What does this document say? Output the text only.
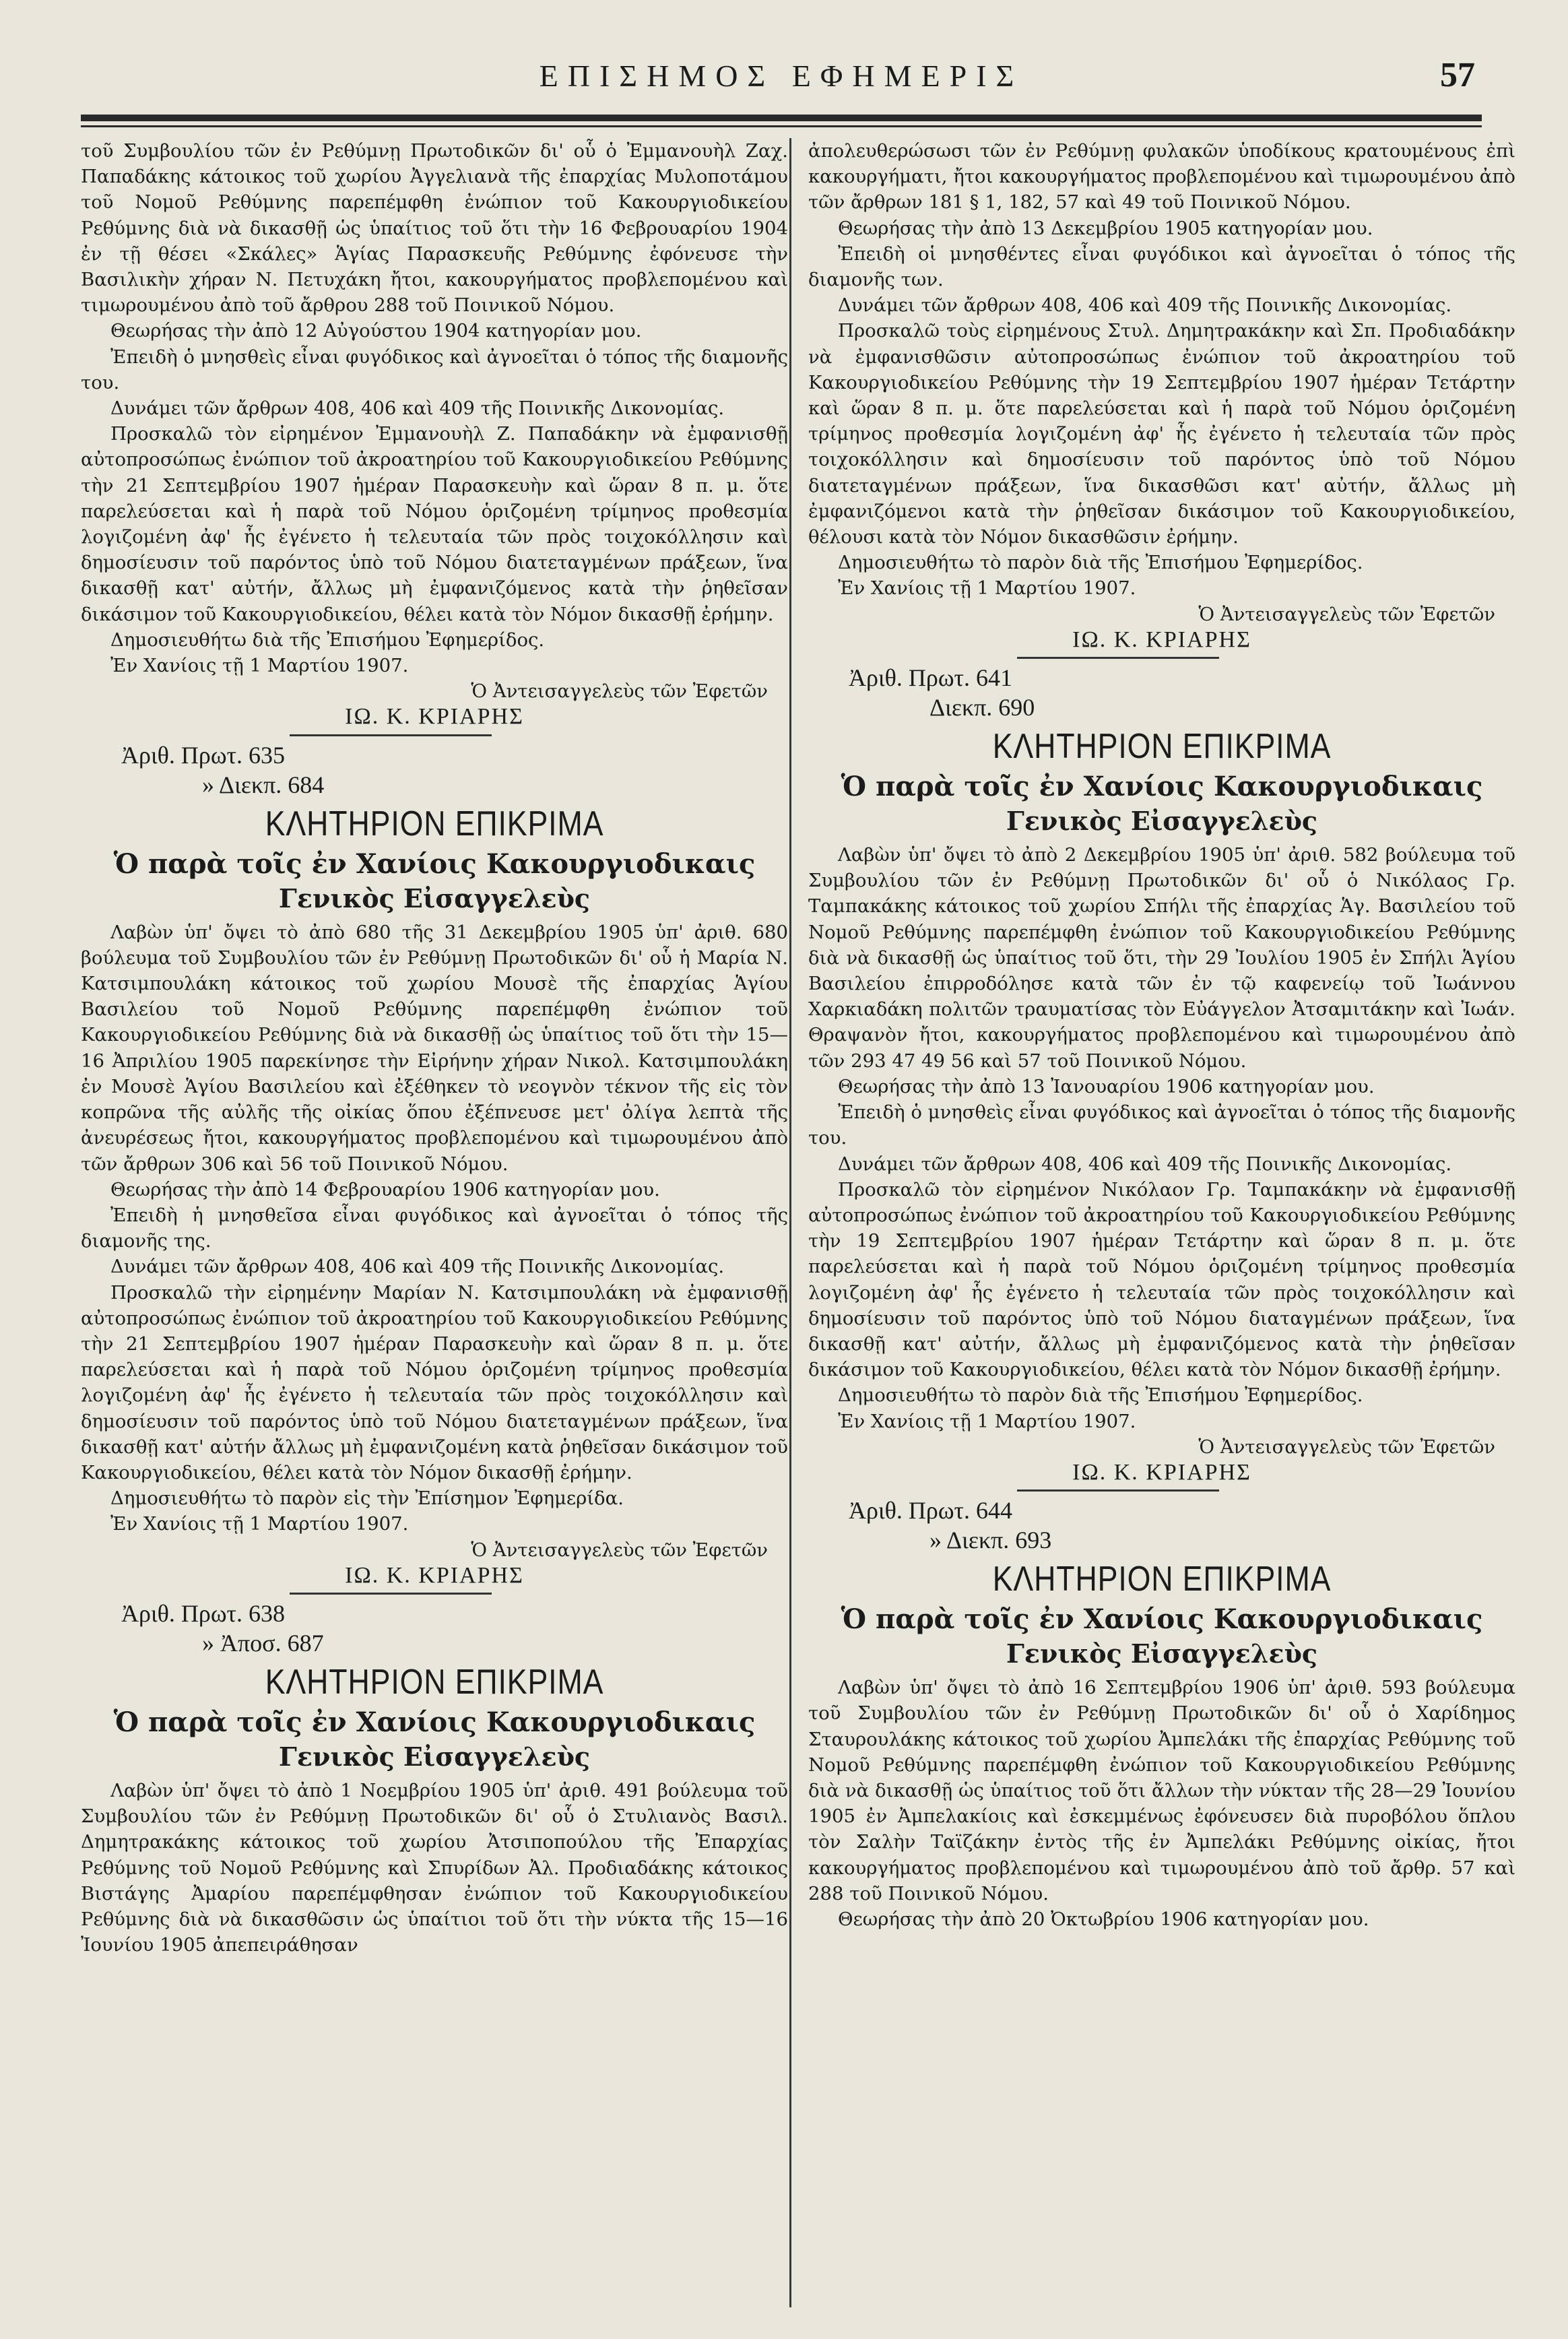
ΕΠΙΣΗΜΟΣ ΕΦΗΜΕΡΙΣ	57

τοῦ Συμβουλίου τῶν ἐν Ρεθύμνῃ Πρωτοδικῶν δι' οὗ ὁ Ἐμμανουὴλ Ζαχ. Παπαδάκης κάτοικος τοῦ χωρίου Ἀγγελιανὰ τῆς ἐπαρχίας Μυλοποτάμου τοῦ Νομοῦ Ρεθύμνης παρεπέμφθη ἐνώπιον τοῦ Κακουργιοδικείου Ρεθύμνης διὰ νὰ δικασθῇ ὡς ὑπαίτιος τοῦ ὅτι τὴν 16 Φεβρουαρίου 1904 ἐν τῇ θέσει «Σκάλες» Ἁγίας Παρασκευῆς Ρεθύμνης ἐφόνευσε τὴν Βασιλικὴν χήραν Ν. Πετυχάκη ἤτοι, κακουργήματος προβλεπομένου καὶ τιμωρουμένου ἀπὸ τοῦ ἄρθρου 288 τοῦ Ποινικοῦ Νόμου.

Θεωρήσας τὴν ἀπὸ 12 Αὐγούστου 1904 κατηγορίαν μου.

Ἐπειδὴ ὁ μνησθεὶς εἶναι φυγόδικος καὶ ἀγνοεῖται ὁ τόπος τῆς διαμονῆς του.

Δυνάμει τῶν ἄρθρων 408, 406 καὶ 409 τῆς Ποινικῆς Δικονομίας.

Προσκαλῶ τὸν εἰρημένον Ἐμμανουὴλ Ζ. Παπαδάκην νὰ ἐμφανισθῇ αὐτοπροσώπως ἐνώπιον τοῦ ἀκροατηρίου τοῦ Κακουργιοδικείου Ρεθύμνης τὴν 21 Σεπτεμβρίου 1907 ἡμέραν Παρασκευὴν καὶ ὥραν 8 π. μ. ὅτε παρελεύσεται καὶ ἡ παρὰ τοῦ Νόμου ὁριζομένη τρίμηνος προθεσμία λογιζομένη ἀφ' ἧς ἐγένετο ἡ τελευταία τῶν πρὸς τοιχοκόλλησιν καὶ δημοσίευσιν τοῦ παρόντος ὑπὸ τοῦ Νόμου διατεταγμένων πράξεων, ἵνα δικασθῇ κατ' αὐτήν, ἄλλως μὴ ἐμφανιζόμενος κατὰ τὴν ῥηθεῖσαν δικάσιμον τοῦ Κακουργιοδικείου, θέλει κατὰ τὸν Νόμον δικασθῇ ἐρήμην.

Δημοσιευθήτω διὰ τῆς Ἐπισήμου Ἐφημερίδος.

Ἐν Χανίοις τῇ 1 Μαρτίου 1907.

Ὁ Ἀντεισαγγελεὺς τῶν Ἐφετῶν
ΙΩ. Κ. ΚΡΙΑΡΗΣ
Ἀριθ. Πρωτ. 635
» Διεκπ. 684
ΚΛΗΤΗΡΙΟΝ ΕΠΙΚΡΙΜΑ
Ὁ παρὰ τοῖς ἐν Χανίοις Κακουργιοδικαις
Γενικὸς Εἰσαγγελεὺς

Λαβὼν ὑπ' ὄψει τὸ ἀπὸ 680 τῆς 31 Δεκεμβρίου 1905 ὑπ' ἀριθ. 680 βούλευμα τοῦ Συμβουλίου τῶν ἐν Ρεθύμνῃ Πρωτοδικῶν δι' οὗ ἡ Μαρία Ν. Κατσιμπουλάκη κάτοικος τοῦ χωρίου Μουσὲ τῆς ἐπαρχίας Ἁγίου Βασιλείου τοῦ Νομοῦ Ρεθύμνης παρεπέμφθη ἐνώπιον τοῦ Κακουργιοδικείου Ρεθύμνης διὰ νὰ δικασθῇ ὡς ὑπαίτιος τοῦ ὅτι τὴν 15—16 Ἀπριλίου 1905 παρεκίνησε τὴν Εἰρήνην χήραν Νικολ. Κατσιμπουλάκη ἐν Μουσὲ Ἁγίου Βασιλείου καὶ ἐξέθηκεν τὸ νεογνὸν τέκνον τῆς εἰς τὸν κοπρῶνα τῆς αὐλῆς τῆς οἰκίας ὅπου ἐξέπνευσε μετ' ὀλίγα λεπτὰ τῆς ἀνευρέσεως ἤτοι, κακουργήματος προβλεπομένου καὶ τιμωρουμένου ἀπὸ τῶν ἄρθρων 306 καὶ 56 τοῦ Ποινικοῦ Νόμου.

Θεωρήσας τὴν ἀπὸ 14 Φεβρουαρίου 1906 κατηγορίαν μου.

Ἐπειδὴ ἡ μνησθεῖσα εἶναι φυγόδικος καὶ ἀγνοεῖται ὁ τόπος τῆς διαμονῆς της.

Δυνάμει τῶν ἄρθρων 408, 406 καὶ 409 τῆς Ποινικῆς Δικονομίας.

Προσκαλῶ τὴν εἰρημένην Μαρίαν Ν. Κατσιμπουλάκη νὰ ἐμφανισθῇ αὐτοπροσώπως ἐνώπιον τοῦ ἀκροατηρίου τοῦ Κακουργιοδικείου Ρεθύμνης τὴν 21 Σεπτεμβρίου 1907 ἡμέραν Παρασκευὴν καὶ ὥραν 8 π. μ. ὅτε παρελεύσεται καὶ ἡ παρὰ τοῦ Νόμου ὁριζομένη τρίμηνος προθεσμία λογιζομένη ἀφ' ἧς ἐγένετο ἡ τελευταία τῶν πρὸς τοιχοκόλλησιν καὶ δημοσίευσιν τοῦ παρόντος ὑπὸ τοῦ Νόμου διατεταγμένων πράξεων, ἵνα δικασθῇ κατ' αὐτήν ἄλλως μὴ ἐμφανιζομένη κατὰ ῥηθεῖσαν δικάσιμον τοῦ Κακουργιοδικείου, θέλει κατὰ τὸν Νόμον δικασθῇ ἐρήμην.

Δημοσιευθήτω τὸ παρὸν εἰς τὴν Ἐπίσημον Ἐφημερίδα.

Ἐν Χανίοις τῇ 1 Μαρτίου 1907.

Ὁ Ἀντεισαγγελεὺς τῶν Ἐφετῶν
ΙΩ. Κ. ΚΡΙΑΡΗΣ
Ἀριθ. Πρωτ. 638
» Ἀποσ. 687
ΚΛΗΤΗΡΙΟΝ ΕΠΙΚΡΙΜΑ
Ὁ παρὰ τοῖς ἐν Χανίοις Κακουργιοδικαις
Γενικὸς Εἰσαγγελεὺς

Λαβὼν ὑπ' ὄψει τὸ ἀπὸ 1 Νοεμβρίου 1905 ὑπ' ἀριθ. 491 βούλευμα τοῦ Συμβουλίου τῶν ἐν Ρεθύμνῃ Πρωτοδικῶν δι' οὗ ὁ Στυλιανὸς Βασιλ. Δημητρακάκης κάτοικος τοῦ χωρίου Ἀτσιποπούλου τῆς Ἐπαρχίας Ρεθύμνης τοῦ Νομοῦ Ρεθύμνης καὶ Σπυρίδων Ἀλ. Προδιαδάκης κάτοικος Βιστάγης Ἀμαρίου παρεπέμφθησαν ἐνώπιον τοῦ Κακουργιοδικείου Ρεθύμνης διὰ νὰ δικασθῶσιν ὡς ὑπαίτιοι τοῦ ὅτι τὴν νύκτα τῆς 15—16 Ἰουνίου 1905 ἀπεπειράθησαν

ἀπολευθερώσωσι τῶν ἐν Ρεθύμνῃ φυλακῶν ὑποδίκους κρατουμένους ἐπὶ κακουργήματι, ἤτοι κακουργήματος προβλεπομένου καὶ τιμωρουμένου ἀπὸ τῶν ἄρθρων 181 § 1, 182, 57 καὶ 49 τοῦ Ποινικοῦ Νόμου.

Θεωρήσας τὴν ἀπὸ 13 Δεκεμβρίου 1905 κατηγορίαν μου.

Ἐπειδὴ οἱ μνησθέντες εἶναι φυγόδικοι καὶ ἀγνοεῖται ὁ τόπος τῆς διαμονῆς των.

Δυνάμει τῶν ἄρθρων 408, 406 καὶ 409 τῆς Ποινικῆς Δικονομίας.

Προσκαλῶ τοὺς εἰρημένους Στυλ. Δημητρακάκην καὶ Σπ. Προδιαδάκην νὰ ἐμφανισθῶσιν αὐτοπροσώπως ἐνώπιον τοῦ ἀκροατηρίου τοῦ Κακουργιοδικείου Ρεθύμνης τὴν 19 Σεπτεμβρίου 1907 ἡμέραν Τετάρτην καὶ ὥραν 8 π. μ. ὅτε παρελεύσεται καὶ ἡ παρὰ τοῦ Νόμου ὁριζομένη τρίμηνος προθεσμία λογιζομένη ἀφ' ἧς ἐγένετο ἡ τελευταία τῶν πρὸς τοιχοκόλλησιν καὶ δημοσίευσιν τοῦ παρόντος ὑπὸ τοῦ Νόμου διατεταγμένων πράξεων, ἵνα δικασθῶσι κατ' αὐτήν, ἄλλως μὴ ἐμφανιζόμενοι κατὰ τὴν ῥηθεῖσαν δικάσιμον τοῦ Κακουργιοδικείου, θέλουσι κατὰ τὸν Νόμον δικασθῶσιν ἐρήμην.

Δημοσιευθήτω τὸ παρὸν διὰ τῆς Ἐπισήμου Ἐφημερίδος.

Ἐν Χανίοις τῇ 1 Μαρτίου 1907.

Ὁ Ἀντεισαγγελεὺς τῶν Ἐφετῶν
ΙΩ. Κ. ΚΡΙΑΡΗΣ
Ἀριθ. Πρωτ. 641
Διεκπ. 690
ΚΛΗΤΗΡΙΟΝ ΕΠΙΚΡΙΜΑ
Ὁ παρὰ τοῖς ἐν Χανίοις Κακουργιοδικαις
Γενικὸς Εἰσαγγελεὺς

Λαβὼν ὑπ' ὄψει τὸ ἀπὸ 2 Δεκεμβρίου 1905 ὑπ' ἀριθ. 582 βούλευμα τοῦ Συμβουλίου τῶν ἐν Ρεθύμνῃ Πρωτοδικῶν δι' οὗ ὁ Νικόλαος Γρ. Ταμπακάκης κάτοικος τοῦ χωρίου Σπήλι τῆς ἐπαρχίας Ἁγ. Βασιλείου τοῦ Νομοῦ Ρεθύμνης παρεπέμφθη ἐνώπιον τοῦ Κακουργιοδικείου Ρεθύμνης διὰ νὰ δικασθῇ ὡς ὑπαίτιος τοῦ ὅτι, τὴν 29 Ἰουλίου 1905 ἐν Σπήλι Ἁγίου Βασιλείου ἐπιρροδόλησε κατὰ τῶν ἐν τῷ καφενείῳ τοῦ Ἰωάννου Χαρκιαδάκη πολιτῶν τραυματίσας τὸν Εὐάγγελον Ἀτσαμιτάκην καὶ Ἰωάν. Θραψανὸν ἤτοι, κακουργήματος προβλεπομένου καὶ τιμωρουμένου ἀπὸ τῶν 293 47 49 56 καὶ 57 τοῦ Ποινικοῦ Νόμου.

Θεωρήσας τὴν ἀπὸ 13 Ἰανουαρίου 1906 κατηγορίαν μου.

Ἐπειδὴ ὁ μνησθεὶς εἶναι φυγόδικος καὶ ἀγνοεῖται ὁ τόπος τῆς διαμονῆς του.

Δυνάμει τῶν ἄρθρων 408, 406 καὶ 409 τῆς Ποινικῆς Δικονομίας.

Προσκαλῶ τὸν εἰρημένον Νικόλαον Γρ. Ταμπακάκην νὰ ἐμφανισθῇ αὐτοπροσώπως ἐνώπιον τοῦ ἀκροατηρίου τοῦ Κακουργιοδικείου Ρεθύμνης τὴν 19 Σεπτεμβρίου 1907 ἡμέραν Τετάρτην καὶ ὥραν 8 π. μ. ὅτε παρελεύσεται καὶ ἡ παρὰ τοῦ Νόμου ὁριζομένη τρίμηνος προθεσμία λογιζομένη ἀφ' ἧς ἐγένετο ἡ τελευταία τῶν πρὸς τοιχοκόλλησιν καὶ δημοσίευσιν τοῦ παρόντος ὑπὸ τοῦ Νόμου διαταγμένων πράξεων, ἵνα δικασθῇ κατ' αὐτήν, ἄλλως μὴ ἐμφανιζόμενος κατὰ τὴν ῥηθεῖσαν δικάσιμον τοῦ Κακουργιοδικείου, θέλει κατὰ τὸν Νόμον δικασθῇ ἐρήμην.

Δημοσιευθήτω τὸ παρὸν διὰ τῆς Ἐπισήμου Ἐφημερίδος.

Ἐν Χανίοις τῇ 1 Μαρτίου 1907.

Ὁ Ἀντεισαγγελεὺς τῶν Ἐφετῶν
ΙΩ. Κ. ΚΡΙΑΡΗΣ
Ἀριθ. Πρωτ. 644
» Διεκπ. 693
ΚΛΗΤΗΡΙΟΝ ΕΠΙΚΡΙΜΑ
Ὁ παρὰ τοῖς ἐν Χανίοις Κακουργιοδικαις
Γενικὸς Εἰσαγγελεὺς

Λαβὼν ὑπ' ὄψει τὸ ἀπὸ 16 Σεπτεμβρίου 1906 ὑπ' ἀριθ. 593 βούλευμα τοῦ Συμβουλίου τῶν ἐν Ρεθύμνῃ Πρωτοδικῶν δι' οὗ ὁ Χαρίδημος Σταυρουλάκης κάτοικος τοῦ χωρίου Ἀμπελάκι τῆς ἐπαρχίας Ρεθύμνης τοῦ Νομοῦ Ρεθύμνης παρεπέμφθη ἐνώπιον τοῦ Κακουργιοδικείου Ρεθύμνης διὰ νὰ δικασθῇ ὡς ὑπαίτιος τοῦ ὅτι ἄλλων τὴν νύκταν τῆς 28—29 Ἰουνίου 1905 ἐν Ἀμπελακίοις καὶ ἐσκεμμένως ἐφόνευσεν διὰ πυροβόλου ὅπλου τὸν Σαλὴν Ταϊζάκην ἐντὸς τῆς ἐν Ἀμπελάκι Ρεθύμνης οἰκίας, ἤτοι κακουργήματος προβλεπομένου καὶ τιμωρουμένου ἀπὸ τοῦ ἄρθρ. 57 καὶ 288 τοῦ Ποινικοῦ Νόμου.

Θεωρήσας τὴν ἀπὸ 20 Ὀκτωβρίου 1906 κατηγορίαν μου.
